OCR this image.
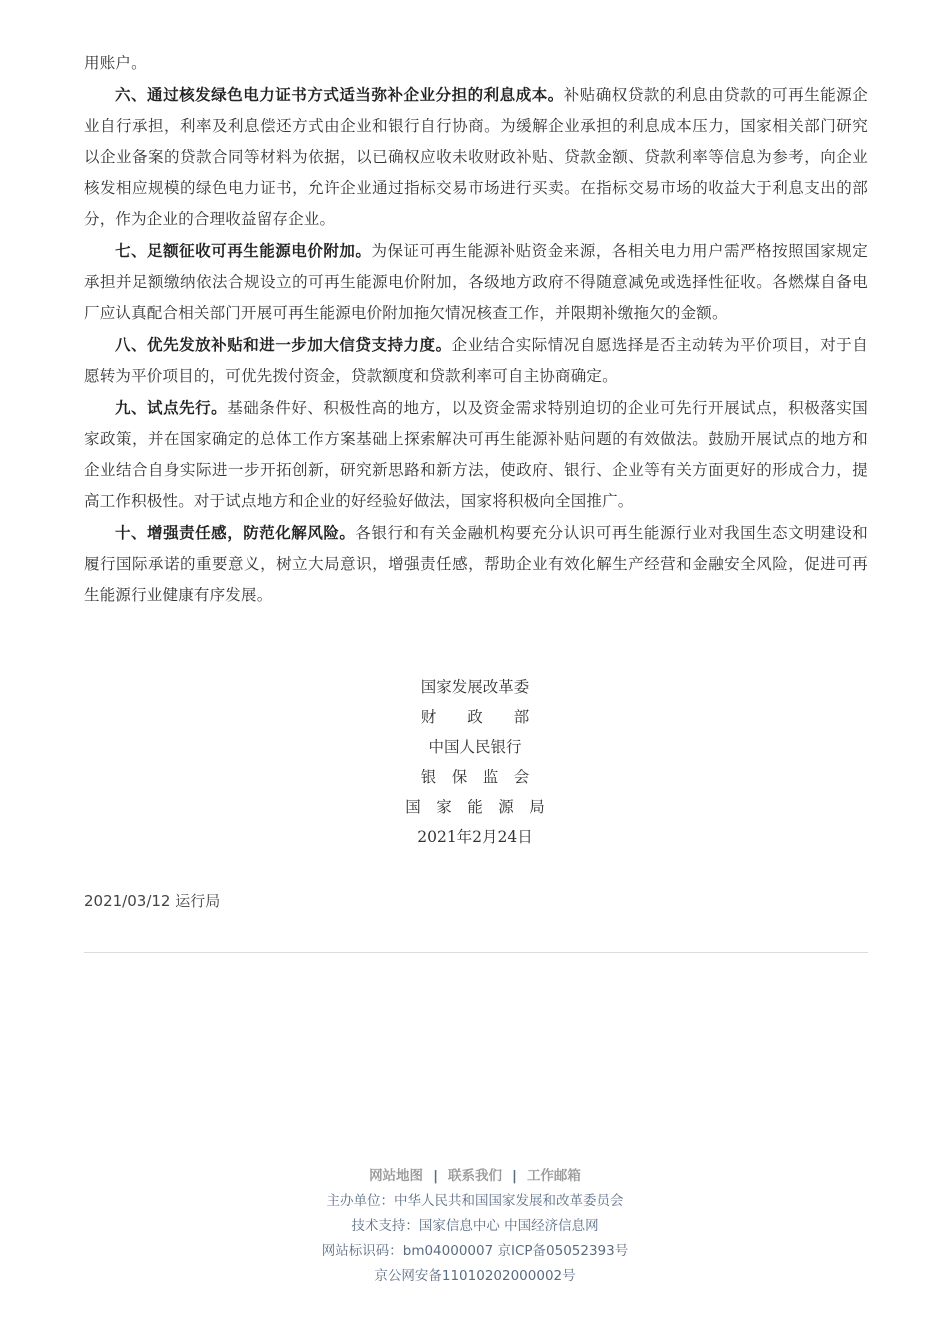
用账户。

六、通过核发绿色电力证书方式适当弥补企业分担的利息成本。补贴确权贷款的利息由贷款的可再生能源企业自行承担，利率及利息偿还方式由企业和银行自行协商。为缓解企业承担的利息成本压力，国家相关部门研究以企业备案的贷款合同等材料为依据，以已确权应收未收财政补贴、贷款金额、贷款利率等信息为参考，向企业核发相应规模的绿色电力证书，允许企业通过指标交易市场进行买卖。在指标交易市场的收益大于利息支出的部分，作为企业的合理收益留存企业。

七、足额征收可再生能源电价附加。为保证可再生能源补贴资金来源，各相关电力用户需严格按照国家规定承担并足额缴纳依法合规设立的可再生能源电价附加，各级地方政府不得随意减免或选择性征收。各燃煤自备电厂应认真配合相关部门开展可再生能源电价附加拖欠情况核查工作，并限期补缴拖欠的金额。

八、优先发放补贴和进一步加大信贷支持力度。企业结合实际情况自愿选择是否主动转为平价项目，对于自愿转为平价项目的，可优先拨付资金，贷款额度和贷款利率可自主协商确定。

九、试点先行。基础条件好、积极性高的地方，以及资金需求特别迫切的企业可先行开展试点，积极落实国家政策，并在国家确定的总体工作方案基础上探索解决可再生能源补贴问题的有效做法。鼓励开展试点的地方和企业结合自身实际进一步开拓创新，研究新思路和新方法，使政府、银行、企业等有关方面更好的形成合力，提高工作积极性。对于试点地方和企业的好经验好做法，国家将积极向全国推广。

十、增强责任感，防范化解风险。各银行和有关金融机构要充分认识可再生能源行业对我国生态文明建设和履行国际承诺的重要意义，树立大局意识，增强责任感，帮助企业有效化解生产经营和金融安全风险，促进可再生能源行业健康有序发展。

国家发展改革委
财　　政　　部
中国人民银行
银　保　监　会
国　家　能　源　局
2021年2月24日
2021/03/12 运行局
网站地图 | 联系我们 | 工作邮箱
主办单位：中华人民共和国国家发展和改革委员会
技术支持：国家信息中心 中国经济信息网
网站标识码：bm04000007 京ICP备05052393号
京公网安备11010202000002号
